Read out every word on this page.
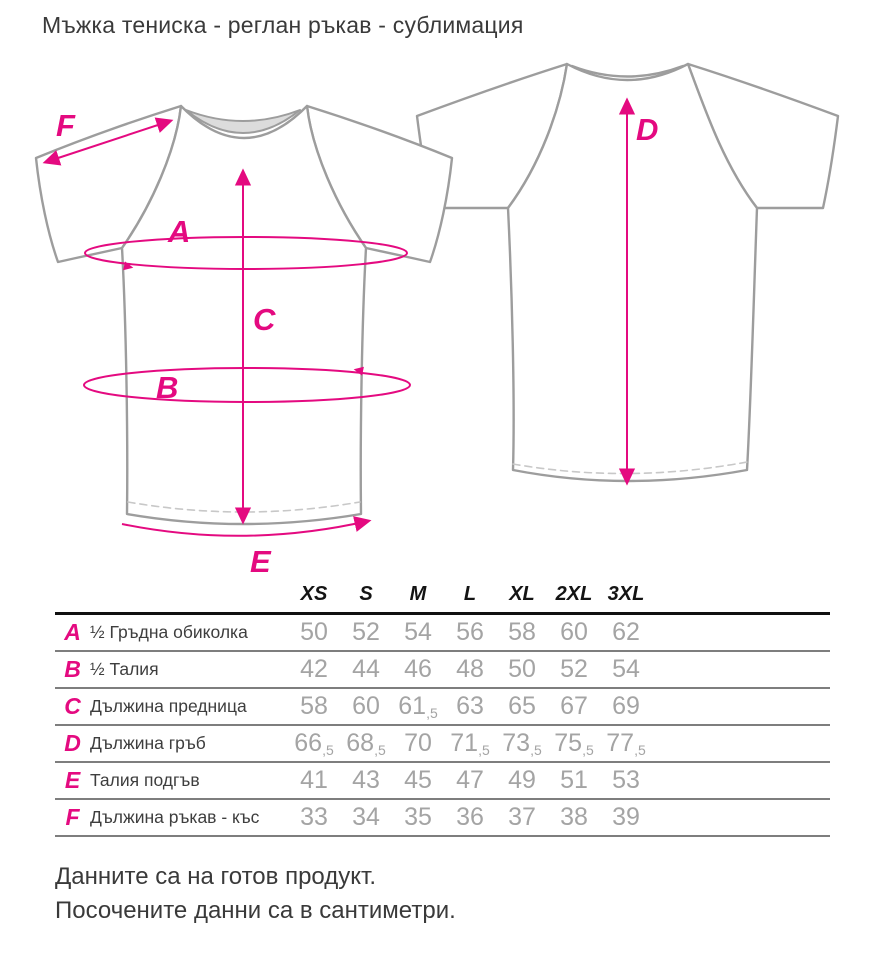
Мъжка тениска - реглан ръкав - сублимация
F
A
C
B
E
D
XS	S	M	L	XL	2XL 3XL
A ½ Гръдна обиколка	50 52 54 56 58 60 62
B ½ Талия	42 44 46 48 50 52 54
C Дължина предница	58 60 61,5 63 65 67 69
D Дължина гръб	66,5 68,5 70 71,5 73,5 75,5 77,5
E Талия подгъв	41 43 45 47 49 51 53
F Дължина ръкав - къс	33 34 35 36 37 38 39
Данните са на готов продукт.
Посочените данни са в сантиметри.
